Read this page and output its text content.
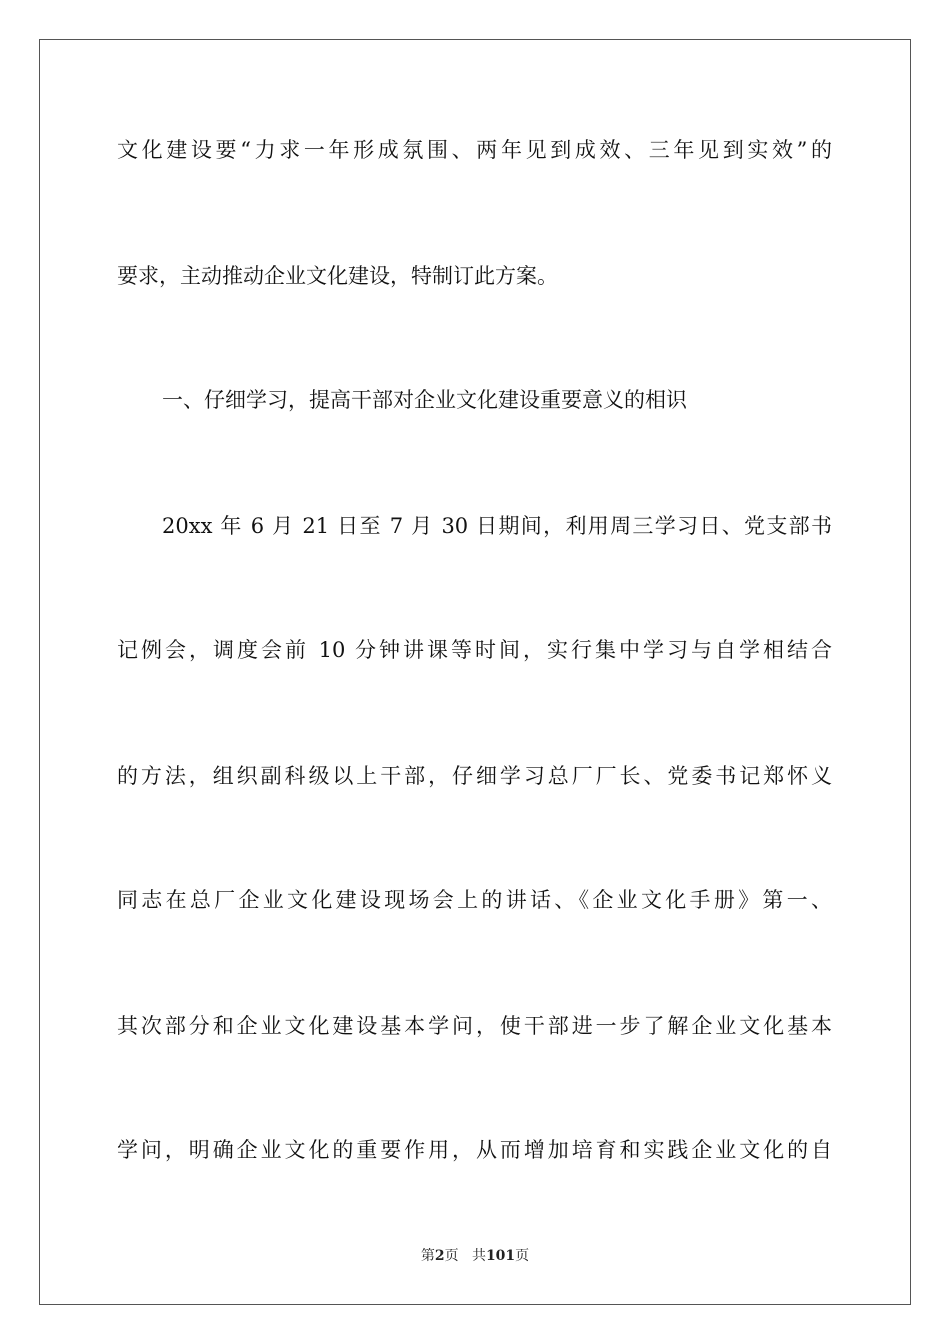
文化建设要“力求一年形成氛围、两年见到成效、三年见到实效”的
要求，主动推动企业文化建设，特制订此方案。
一、仔细学习，提高干部对企业文化建设重要意义的相识
20xx 年 6 月 21 日至 7 月 30 日期间，利用周三学习日、党支部书
记例会，调度会前 10 分钟讲课等时间，实行集中学习与自学相结合
的方法，组织副科级以上干部，仔细学习总厂厂长、党委书记郑怀义
同志在总厂企业文化建设现场会上的讲话、《企业文化手册》第一、
其次部分和企业文化建设基本学问，使干部进一步了解企业文化基本
学问，明确企业文化的重要作用，从而增加培育和实践企业文化的自
第2页 共101页
